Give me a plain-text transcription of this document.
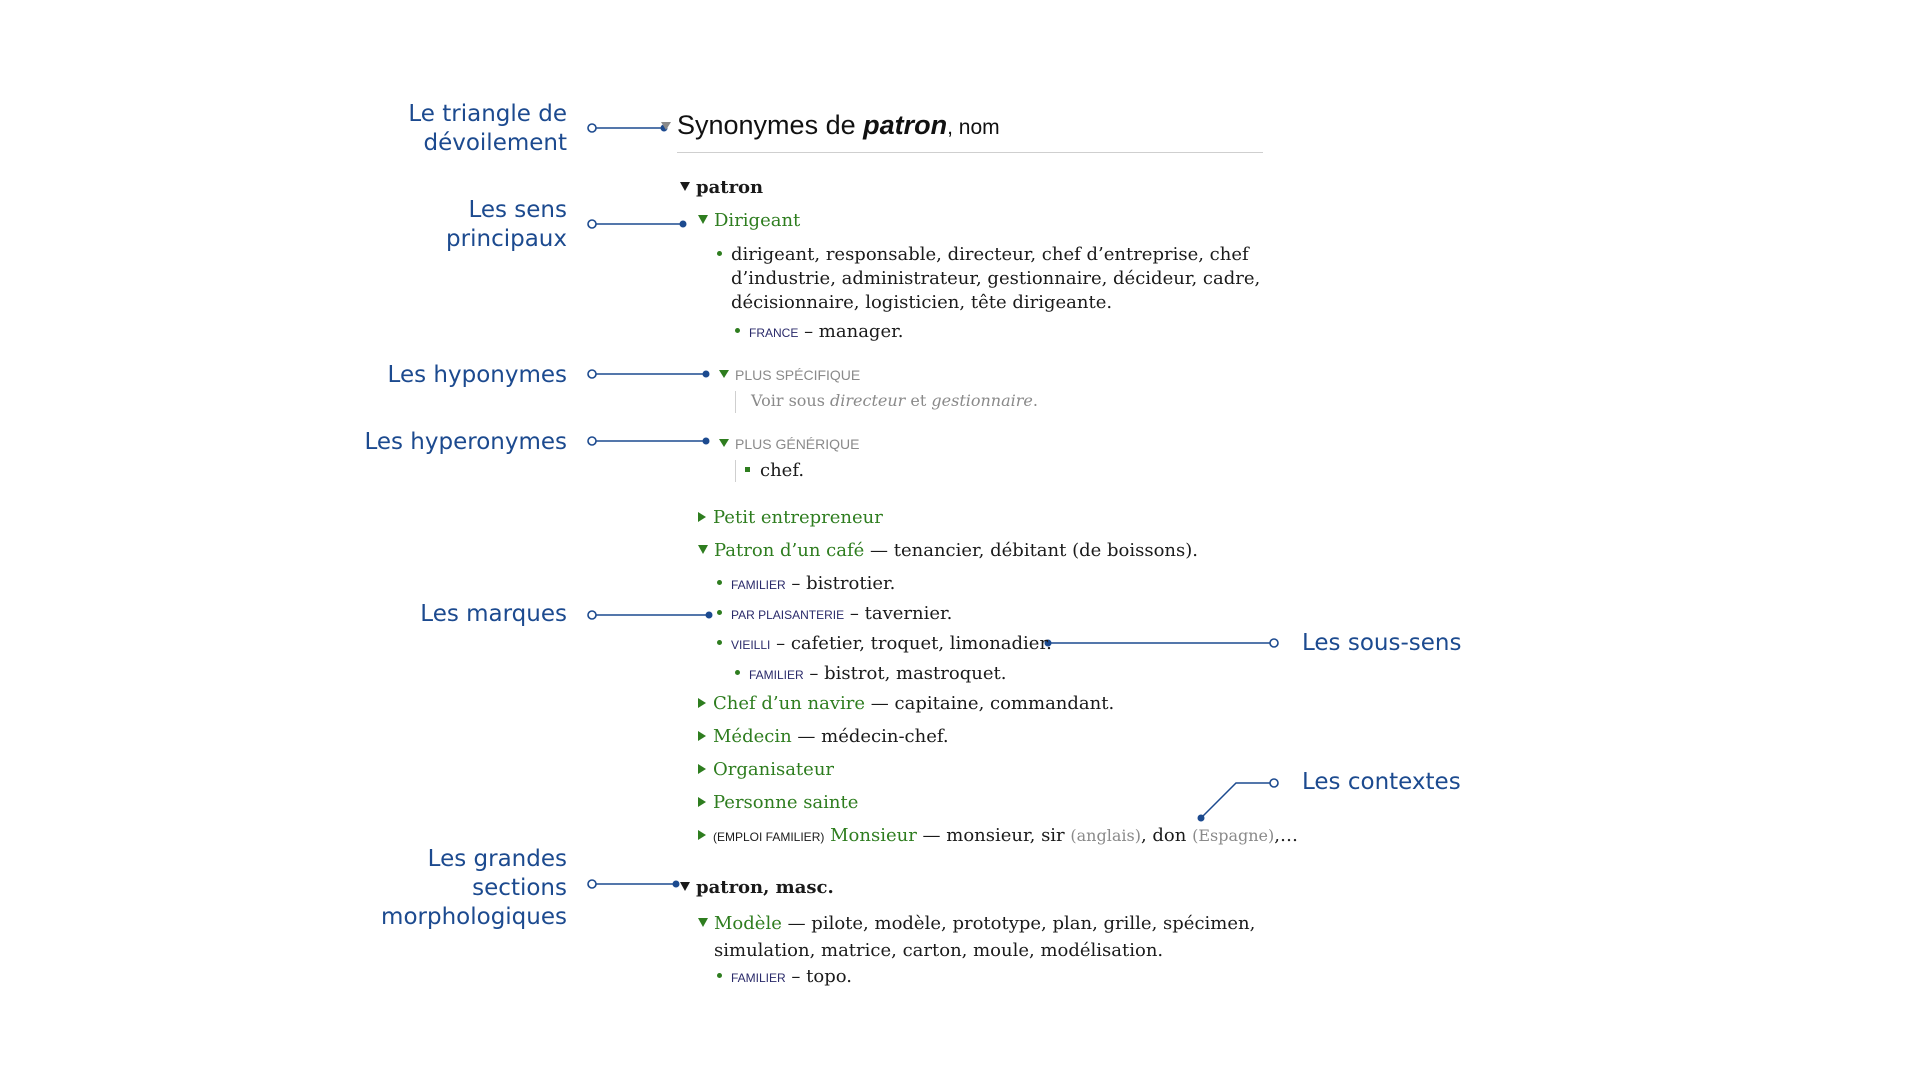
Le triangle de
dévoilement
Les sens
principaux
Les hyponymes
Les hyperonymes
Les marques
Les sous-sens
Les contextes
Les grandes
sections
morphologiques
Synonymes de patron, nom
patron
Dirigeant
dirigeant, responsable, directeur, chef d’entreprise, chef
d’industrie, administrateur, gestionnaire, décideur, cadre,
décisionnaire, logisticien, tête dirigeante.
FRANCE – manager.
PLUS SPÉCIFIQUE
Voir sous directeur et gestionnaire.
PLUS GÉNÉRIQUE
chef.
Petit entrepreneur
Patron d’un café — tenancier, débitant (de boissons).
FAMILIER – bistrotier.
PAR PLAISANTERIE – tavernier.
VIEILLI – cafetier, troquet, limonadier.
FAMILIER – bistrot, mastroquet.
Chef d’un navire — capitaine, commandant.
Médecin — médecin-chef.
Organisateur
Personne sainte
(EMPLOI FAMILIER) Monsieur — monsieur, sir (anglais), don (Espagne),…
patron, masc.
Modèle — pilote, modèle, prototype, plan, grille, spécimen,
simulation, matrice, carton, moule, modélisation.
FAMILIER – topo.
